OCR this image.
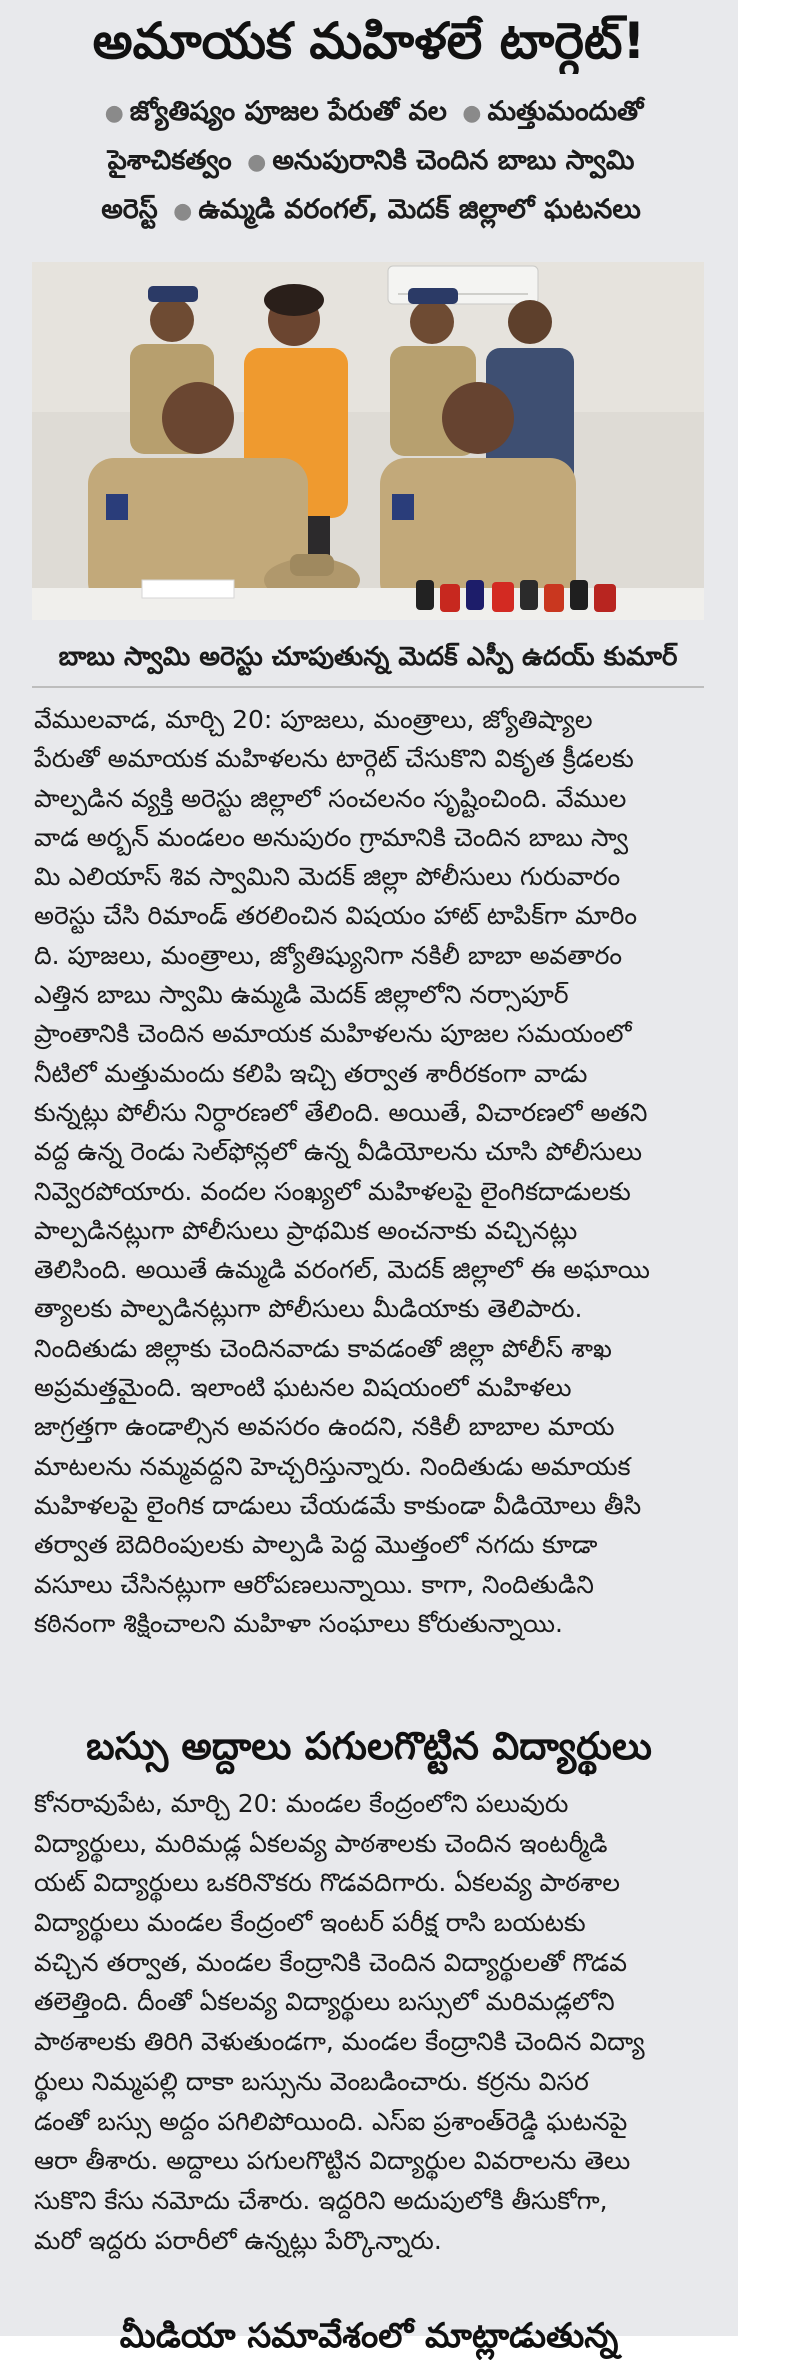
అమాయక మహిళలే టార్గెట్!
● జ్యోతిష్యం పూజల పేరుతో వల ● మత్తుమందుతో
పైశాచికత్వం ● అనుపురానికి చెందిన బాబు స్వామి
అరెస్ట్ ● ఉమ్మడి వరంగల్, మెదక్ జిల్లాలో ఘటనలు
బాబు స్వామి అరెస్టు చూపుతున్న మెదక్ ఎస్పీ ఉదయ్ కుమార్
వేములవాడ, మార్చి 20: పూజలు, మంత్రాలు, జ్యోతిష్యాల
పేరుతో అమాయక మహిళలను టార్గెట్ చేసుకొని వికృత క్రీడలకు
పాల్పడిన వ్యక్తి అరెస్టు జిల్లాలో సంచలనం సృష్టించింది. వేముల
వాడ అర్బన్ మండలం అనుపురం గ్రామానికి చెందిన బాబు స్వా
మి ఎలియాస్ శివ స్వామిని మెదక్ జిల్లా పోలీసులు గురువారం
అరెస్టు చేసి రిమాండ్ తరలించిన విషయం హాట్ టాపిక్‌గా మారిం
ది. పూజలు, మంత్రాలు, జ్యోతిష్యునిగా నకిలీ బాబా అవతారం
ఎత్తిన బాబు స్వామి ఉమ్మడి మెదక్ జిల్లాలోని నర్సాపూర్
ప్రాంతానికి చెందిన అమాయక మహిళలను పూజల సమయంలో
నీటిలో మత్తుమందు కలిపి ఇచ్చి తర్వాత శారీరకంగా వాడు
కున్నట్లు పోలీసు నిర్ధారణలో తేలింది. అయితే, విచారణలో అతని
వద్ద ఉన్న రెండు సెల్‌ఫోన్లలో ఉన్న వీడియోలను చూసి పోలీసులు
నివ్వెరపోయారు. వందల సంఖ్యలో మహిళలపై లైంగికదాడులకు
పాల్పడినట్లుగా పోలీసులు ప్రాథమిక అంచనాకు వచ్చినట్లు
తెలిసింది. అయితే ఉమ్మడి వరంగల్, మెదక్ జిల్లాలో ఈ అఘాయి
త్యాలకు పాల్పడినట్లుగా పోలీసులు మీడియాకు తెలిపారు.
నిందితుడు జిల్లాకు చెందినవాడు కావడంతో జిల్లా పోలీస్ శాఖ
అప్రమత్తమైంది. ఇలాంటి ఘటనల విషయంలో మహిళలు
జాగ్రత్తగా ఉండాల్సిన అవసరం ఉందని, నకిలీ బాబాల మాయ
మాటలను నమ్మవద్దని హెచ్చరిస్తున్నారు. నిందితుడు అమాయక
మహిళలపై లైంగిక దాడులు చేయడమే కాకుండా వీడియోలు తీసి
తర్వాత బెదిరింపులకు పాల్పడి పెద్ద మొత్తంలో నగదు కూడా
వసూలు చేసినట్లుగా ఆరోపణలున్నాయి. కాగా, నిందితుడిని
కఠినంగా శిక్షించాలని మహిళా సంఘాలు కోరుతున్నాయి.
బస్సు అద్దాలు పగులగొట్టిన విద్యార్థులు
కోనరావుపేట, మార్చి 20: మండల కేంద్రంలోని పలువురు
విద్యార్థులు, మరిమడ్ల ఏకలవ్య పాఠశాలకు చెందిన ఇంటర్మీడి
యట్ విద్యార్థులు ఒకరినొకరు గొడవదిగారు. ఏకలవ్య పాఠశాల
విద్యార్థులు మండల కేంద్రంలో ఇంటర్ పరీక్ష రాసి బయటకు
వచ్చిన తర్వాత, మండల కేంద్రానికి చెందిన విద్యార్థులతో గొడవ
తలెత్తింది. దీంతో ఏకలవ్య విద్యార్థులు బస్సులో మరిమడ్లలోని
పాఠశాలకు తిరిగి వెళుతుండగా, మండల కేంద్రానికి చెందిన విద్యా
ర్థులు నిమ్మపల్లి దాకా బస్సును వెంబడించారు. కర్రను విసర
డంతో బస్సు అద్దం పగిలిపోయింది. ఎస్ఐ ప్రశాంత్‌రెడ్డి ఘటనపై
ఆరా తీశారు. అద్దాలు పగులగొట్టిన విద్యార్థుల వివరాలను తెలు
సుకొని కేసు నమోదు చేశారు. ఇద్దరిని అదుపులోకి తీసుకోగా,
మరో ఇద్దరు పరారీలో ఉన్నట్లు పేర్కొన్నారు.
మీడియా సమావేశంలో మాట్లాడుతున్న
